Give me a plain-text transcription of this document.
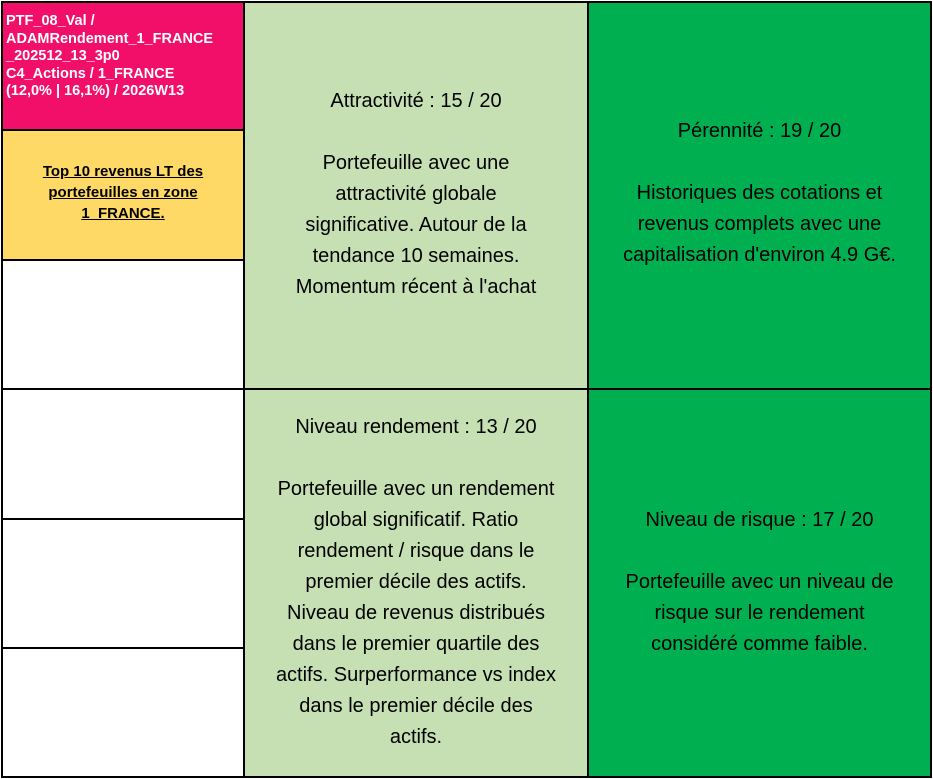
PTF_08_Val /
ADAMRendement_1_FRANCE
_202512_13_3p0
C4_Actions / 1_FRANCE
(12,0% | 16,1%) / 2026W13
Top 10 revenus LT des
portefeuilles en zone
1_FRANCE.

Attractivité : 15 / 20

Portefeuille avec une

attractivité globale

significative. Autour de la

tendance 10 semaines.

Momentum récent à l'achat

Pérennité : 19 / 20

Historiques des cotations et

revenus complets avec une

capitalisation d'environ 4.9 G€.

Niveau rendement : 13 / 20

Portefeuille avec un rendement

global significatif. Ratio

rendement / risque dans le

premier décile des actifs.

Niveau de revenus distribués

dans le premier quartile des

actifs. Surperformance vs index

dans le premier décile des

actifs.

Niveau de risque : 17 / 20

Portefeuille avec un niveau de

risque sur le rendement

considéré comme faible.
